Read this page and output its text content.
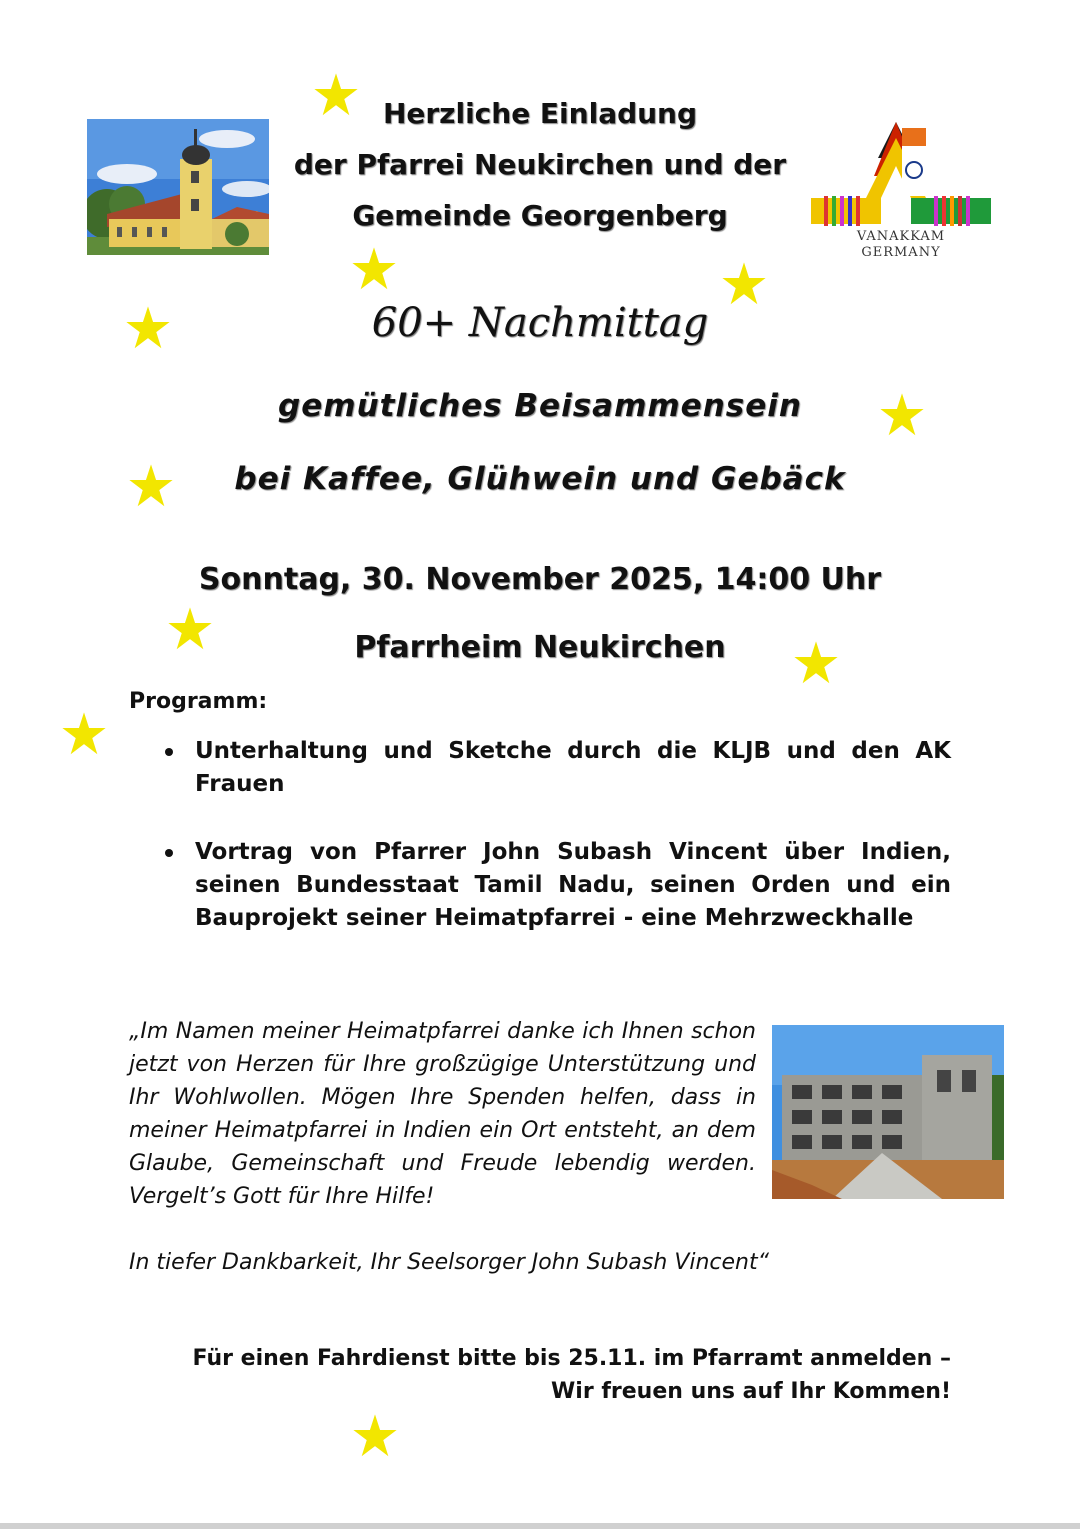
Herzliche Einladung
der Pfarrei Neukirchen und der
Gemeinde Georgenberg
VANAKKAM
GERMANY
60+ Nachmittag
gemütliches Beisammensein
bei Kaffee, Glühwein und Gebäck
Sonntag, 30. November 2025, 14:00 Uhr
Pfarrheim Neukirchen
Programm:
Unterhaltung und Sketche durch die KLJB und den AK Frauen
Vortrag von Pfarrer John Subash Vincent über Indien, seinen Bundesstaat Tamil Nadu, seinen Orden und ein Bauprojekt seiner Heimatpfarrei - eine Mehrzweckhalle
„Im Namen meiner Heimatpfarrei danke ich Ihnen schon jetzt von Herzen für Ihre großzügige Unterstützung und Ihr Wohlwollen. Mögen Ihre Spenden helfen, dass in meiner Heimatpfarrei in Indien ein Ort entsteht, an dem Glaube, Gemeinschaft und Freude lebendig werden. Vergelt’s Gott für Ihre Hilfe!
In tiefer Dankbarkeit, Ihr Seelsorger John Subash Vincent“
Für einen Fahrdienst bitte bis 25.11. im Pfarramt anmelden –
Wir freuen uns auf Ihr Kommen!
